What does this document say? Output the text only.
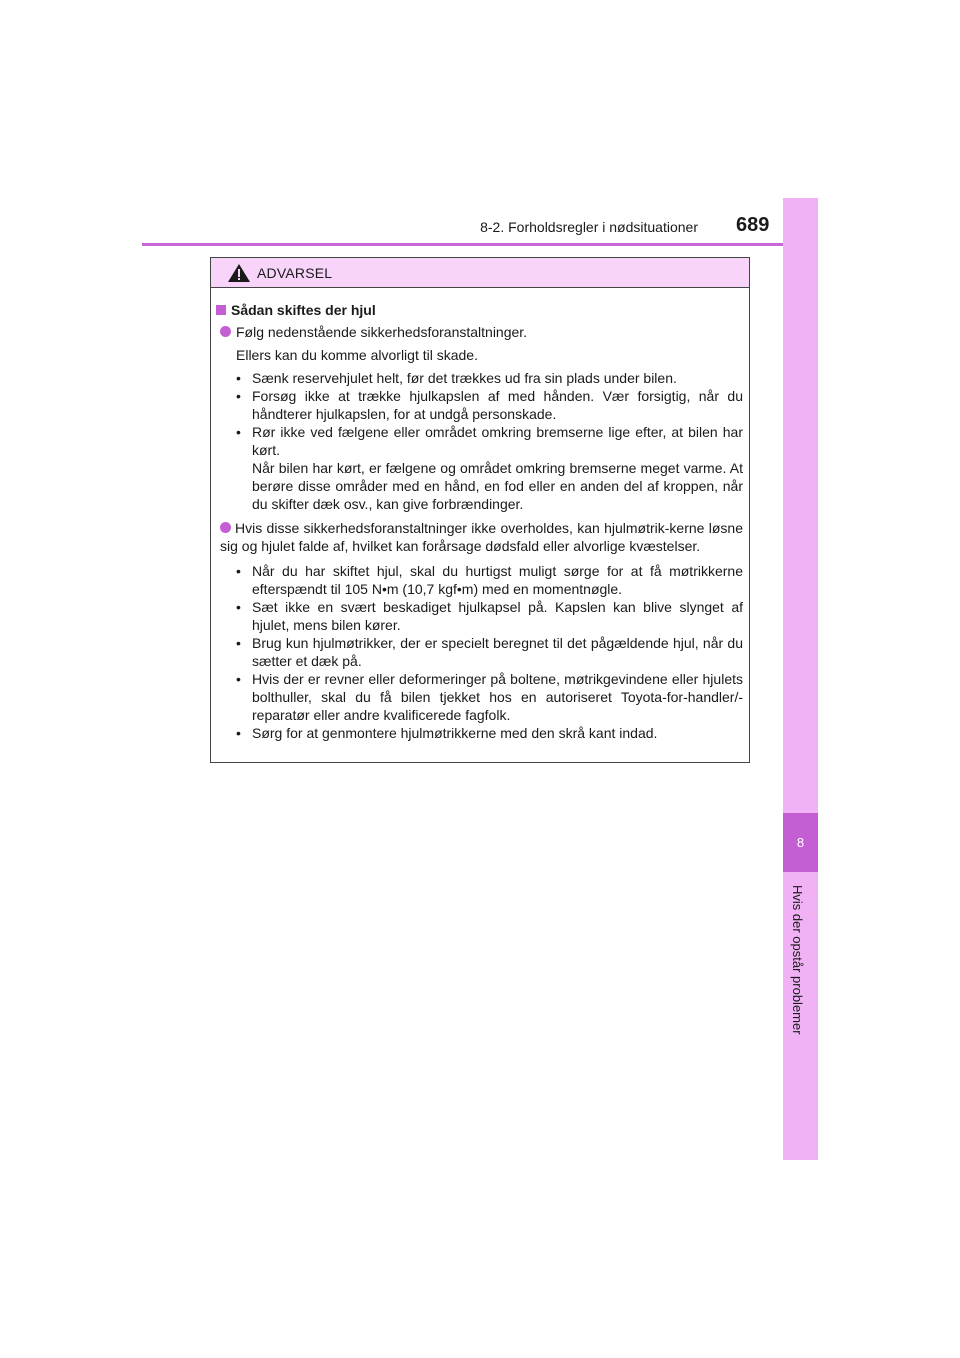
8-2. Forholdsregler i nødsituationer 689
8
Hvis der opstår problemer
ADVARSEL
Sådan skiftes der hjul
Følg nedenstående sikkerhedsforanstaltninger.
Ellers kan du komme alvorligt til skade.
• Sænk reservehjulet helt, før det trækkes ud fra sin plads under bilen.
• Forsøg ikke at trække hjulkapslen af med hånden. Vær forsigtig, når du håndterer hjulkapslen, for at undgå personskade.
• Rør ikke ved fælgene eller området omkring bremserne lige efter, at bilen har kørt.
Når bilen har kørt, er fælgene og området omkring bremserne meget varme. At berøre disse områder med en hånd, en fod eller en anden del af kroppen, når du skifter dæk osv., kan give forbrændinger.
Hvis disse sikkerhedsforanstaltninger ikke overholdes, kan hjulmøtrik-kerne løsne sig og hjulet falde af, hvilket kan forårsage dødsfald eller alvorlige kvæstelser.
• Når du har skiftet hjul, skal du hurtigst muligt sørge for at få møtrikkerne efterspændt til 105 N•m (10,7 kgf•m) med en momentnøgle.
• Sæt ikke en svært beskadiget hjulkapsel på. Kapslen kan blive slynget af hjulet, mens bilen kører.
• Brug kun hjulmøtrikker, der er specielt beregnet til det pågældende hjul, når du sætter et dæk på.
• Hvis der er revner eller deformeringer på boltene, møtrikgevindene eller hjulets bolthuller, skal du få bilen tjekket hos en autoriseret Toyota-for-handler/-reparatør eller andre kvalificerede fagfolk.
• Sørg for at genmontere hjulmøtrikkerne med den skrå kant indad.
